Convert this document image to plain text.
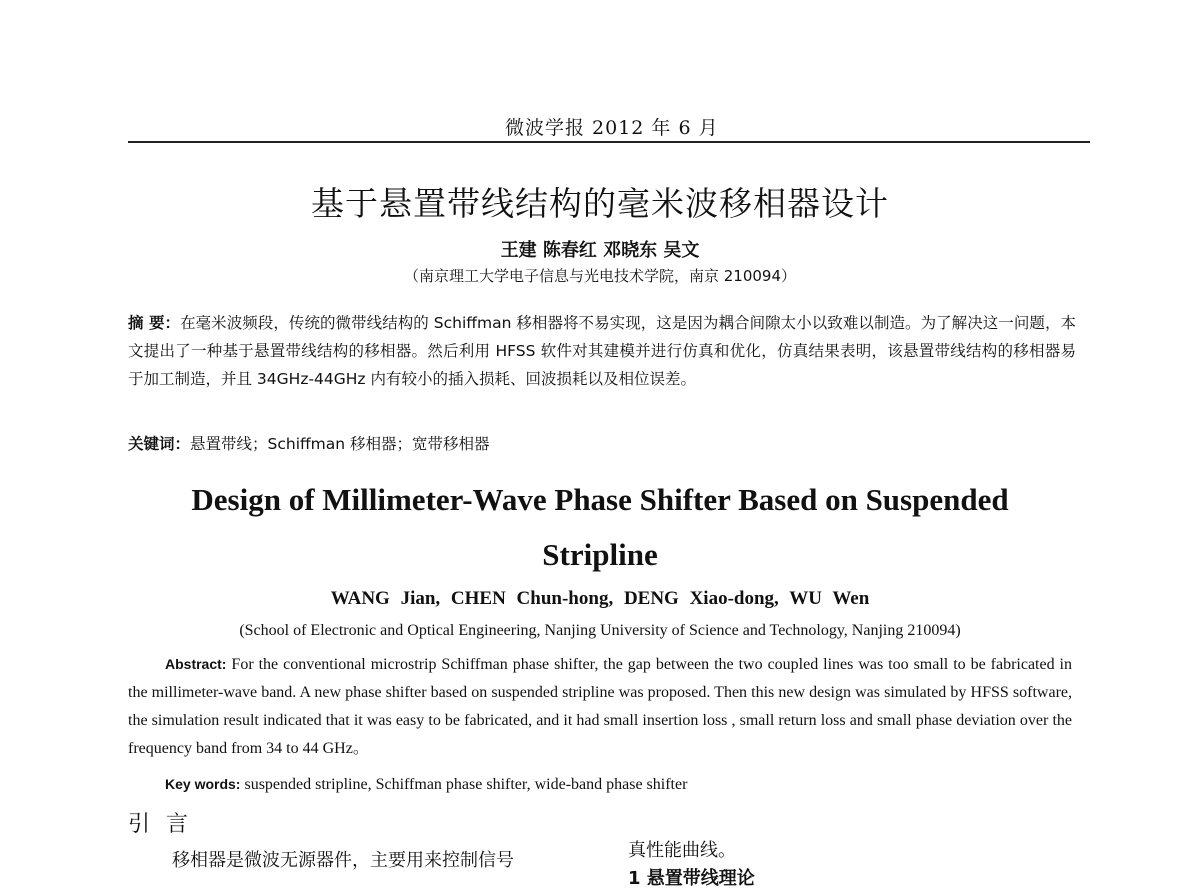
微波学报 2012 年 6 月
基于悬置带线结构的毫米波移相器设计
王建 陈春红 邓晓东 吴文
（南京理工大学电子信息与光电技术学院，南京 210094）

摘 要：在毫米波频段，传统的微带线结构的 Schiffman 移相器将不易实现，这是因为耦合间隙太小以致难以制造。为了解决这一问题，本文提出了一种基于悬置带线结构的移相器。然后利用 HFSS 软件对其建模并进行仿真和优化，仿真结果表明，该悬置带线结构的移相器易于加工制造，并且 34GHz-44GHz 内有较小的插入损耗、回波损耗以及相位误差。

关键词：悬置带线；Schiffman 移相器；宽带移相器
Design of Millimeter-Wave Phase Shifter Based on Suspended Stripline
WANG Jian, CHEN Chun-hong, DENG Xiao-dong, WU Wen
(School of Electronic and Optical Engineering, Nanjing University of Science and Technology, Nanjing 210094)

Abstract: For the conventional microstrip Schiffman phase shifter, the gap between the two coupled lines was too small to be fabricated in the millimeter-wave band. A new phase shifter based on suspended stripline was proposed. Then this new design was simulated by HFSS software, the simulation result indicated that it was easy to be fabricated, and it had small insertion loss , small return loss and small phase deviation over the frequency band from 34 to 44 GHz。

Key words: suspended stripline, Schiffman phase shifter, wide-band phase shifter
引言
移相器是微波无源器件，主要用来控制信号	真性能曲线。
1 悬置带线理论
